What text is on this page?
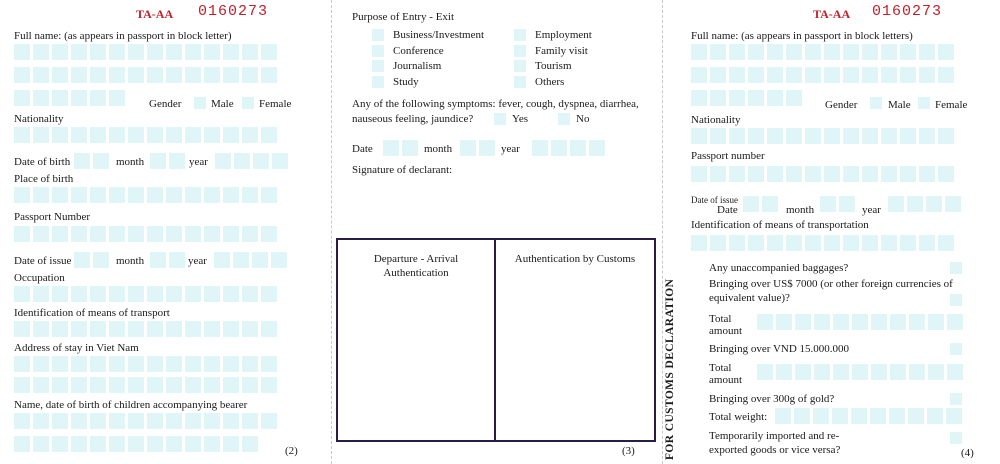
TA-AA 0160273
Full name: (as appears in passport in block letter)
Gender	Male Female
Nationality
Date of birth	month	year
Place of birth
Passport Number
Date of issue	month	year
Occupation
Identification of means of transport
Address of stay in Viet Nam
Name, date of birth of children accompanying bearer
(2)
Purpose of Entry - Exit
Business/Investment
Conference
Journalism
Study
Employment
Family visit
Tourism
Others
Any of the following symptoms: fever, cough, dyspnea, diarrhea,
nauseous feeling, jaundice?	Yes	No
Date	month	year
Signature of declarant:
Departure - Arrival
Authentication
Authentication by Customs
(3)
TA-AA 0160273
Full name: (as appears in passport in block letters)
Gender	Male Female
Nationality
Passport number
Date of issue
Date	month	year
Identification of means of transportation
FOR CUSTOMS DECLARATION
Any unaccompanied baggages?
Bringing over US$ 7000 (or other foreign currencies of
equivalent value)?
Total
amount
Bringing over VND 15.000.000
Total
amount
Bringing over 300g of gold?
Total weight:
Temporarily imported and re-
exported goods or vice versa?	(4)
